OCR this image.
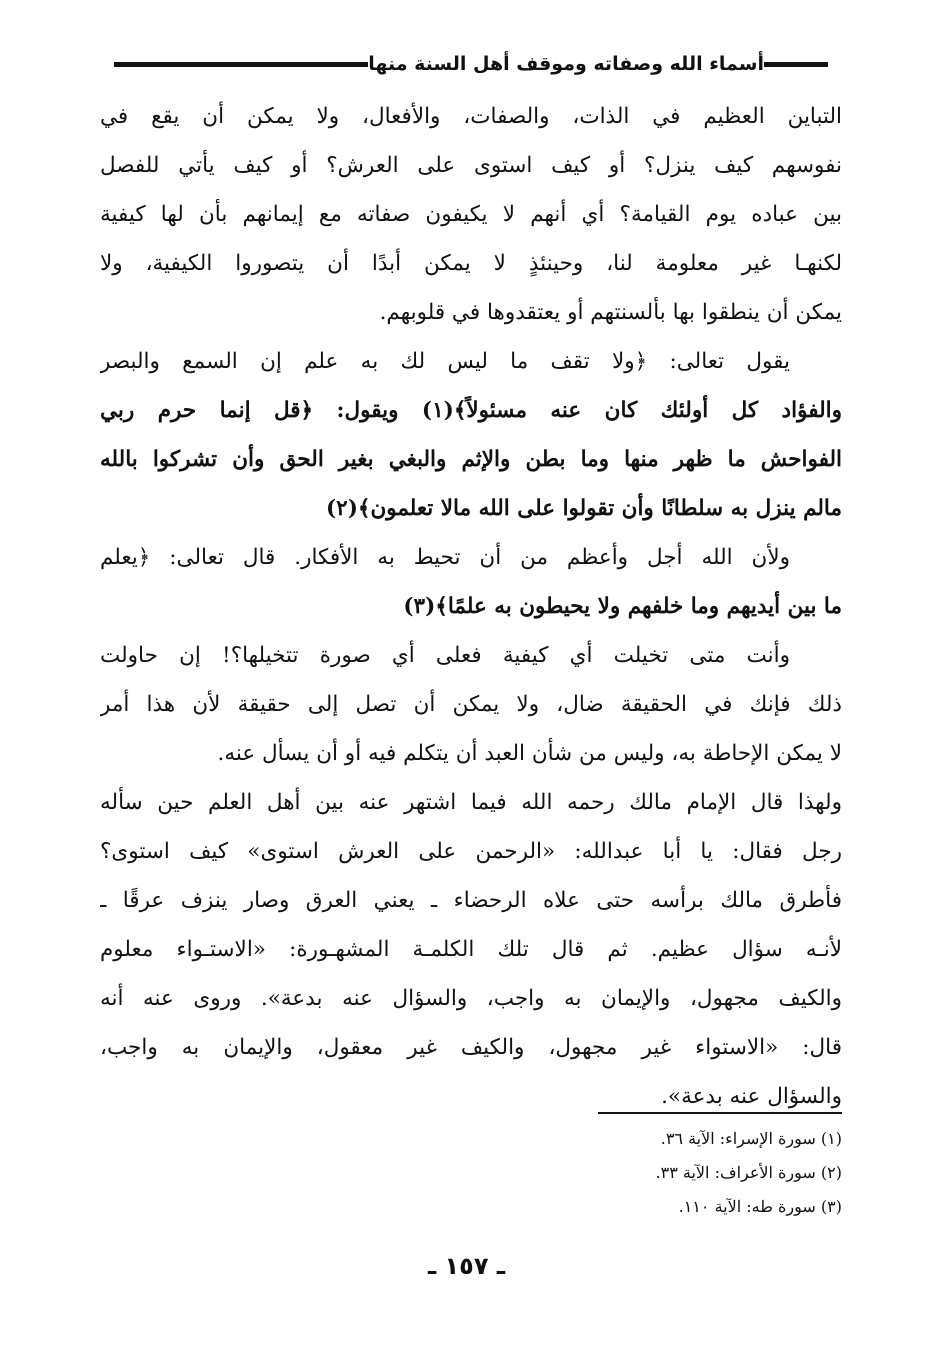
أسماء الله وصفاته وموقف أهل السنة منها
التباين العظيم في الذات، والصفات، والأفعال، ولا يمكن أن يقع في
نفوسهم كيف ينزل؟ أو كيف استوى على العرش؟ أو كيف يأتي للفصل
بين عباده يوم القيامة؟ أي أنهم لا يكيفون صفاته مع إيمانهم بأن لها كيفية
لكنهـا غير معلومة لنا، وحينئذٍ لا يمكن أبدًا أن يتصوروا الكيفية، ولا
يمكن أن ينطقوا بها بألسنتهم أو يعتقدوها في قلوبهم.
يقول تعالى: ﴿ولا تقف ما ليس لك به علم إن السمع والبصر
والفؤاد كل أولئك كان عنه مسئولاً﴾(١) ويقول: ﴿قل إنما حرم ربي
الفواحش ما ظهر منها وما بطن والإثم والبغي بغير الحق وأن تشركوا بالله
مالم ينزل به سلطانًا وأن تقولوا على الله مالا تعلمون﴾(٢)
ولأن الله أجل وأعظم من أن تحيط به الأفكار. قال تعالى: ﴿يعلم
ما بين أيديهم وما خلفهم ولا يحيطون به علمًا﴾(٣)
وأنت متى تخيلت أي كيفية فعلى أي صورة تتخيلها؟! إن حاولت
ذلك فإنك في الحقيقة ضال، ولا يمكن أن تصل إلى حقيقة لأن هذا أمر
لا يمكن الإحاطة به، وليس من شأن العبد أن يتكلم فيه أو أن يسأل عنه.
ولهذا قال الإمام مالك رحمه الله فيما اشتهر عنه بين أهل العلم حين سأله
رجل فقال: يا أبا عبدالله: «الرحمن على العرش استوى» كيف استوى؟
فأطرق مالك برأسه حتى علاه الرحضاء ـ يعني العرق وصار ينزف عرقًا ـ
لأنـه سؤال عظيم. ثم قال تلك الكلمـة المشهـورة: «الاستـواء معلوم
والكيف مجهول، والإيمان به واجب، والسؤال عنه بدعة». وروى عنه أنه
قال: «الاستواء غير مجهول، والكيف غير معقول، والإيمان به واجب،
والسؤال عنه بدعة».
(١) سورة الإسراء: الآية ٣٦.
(٢) سورة الأعراف: الآية ٣٣.
(٣) سورة طه: الآية ١١٠.
ـ ١٥٧ ـ
